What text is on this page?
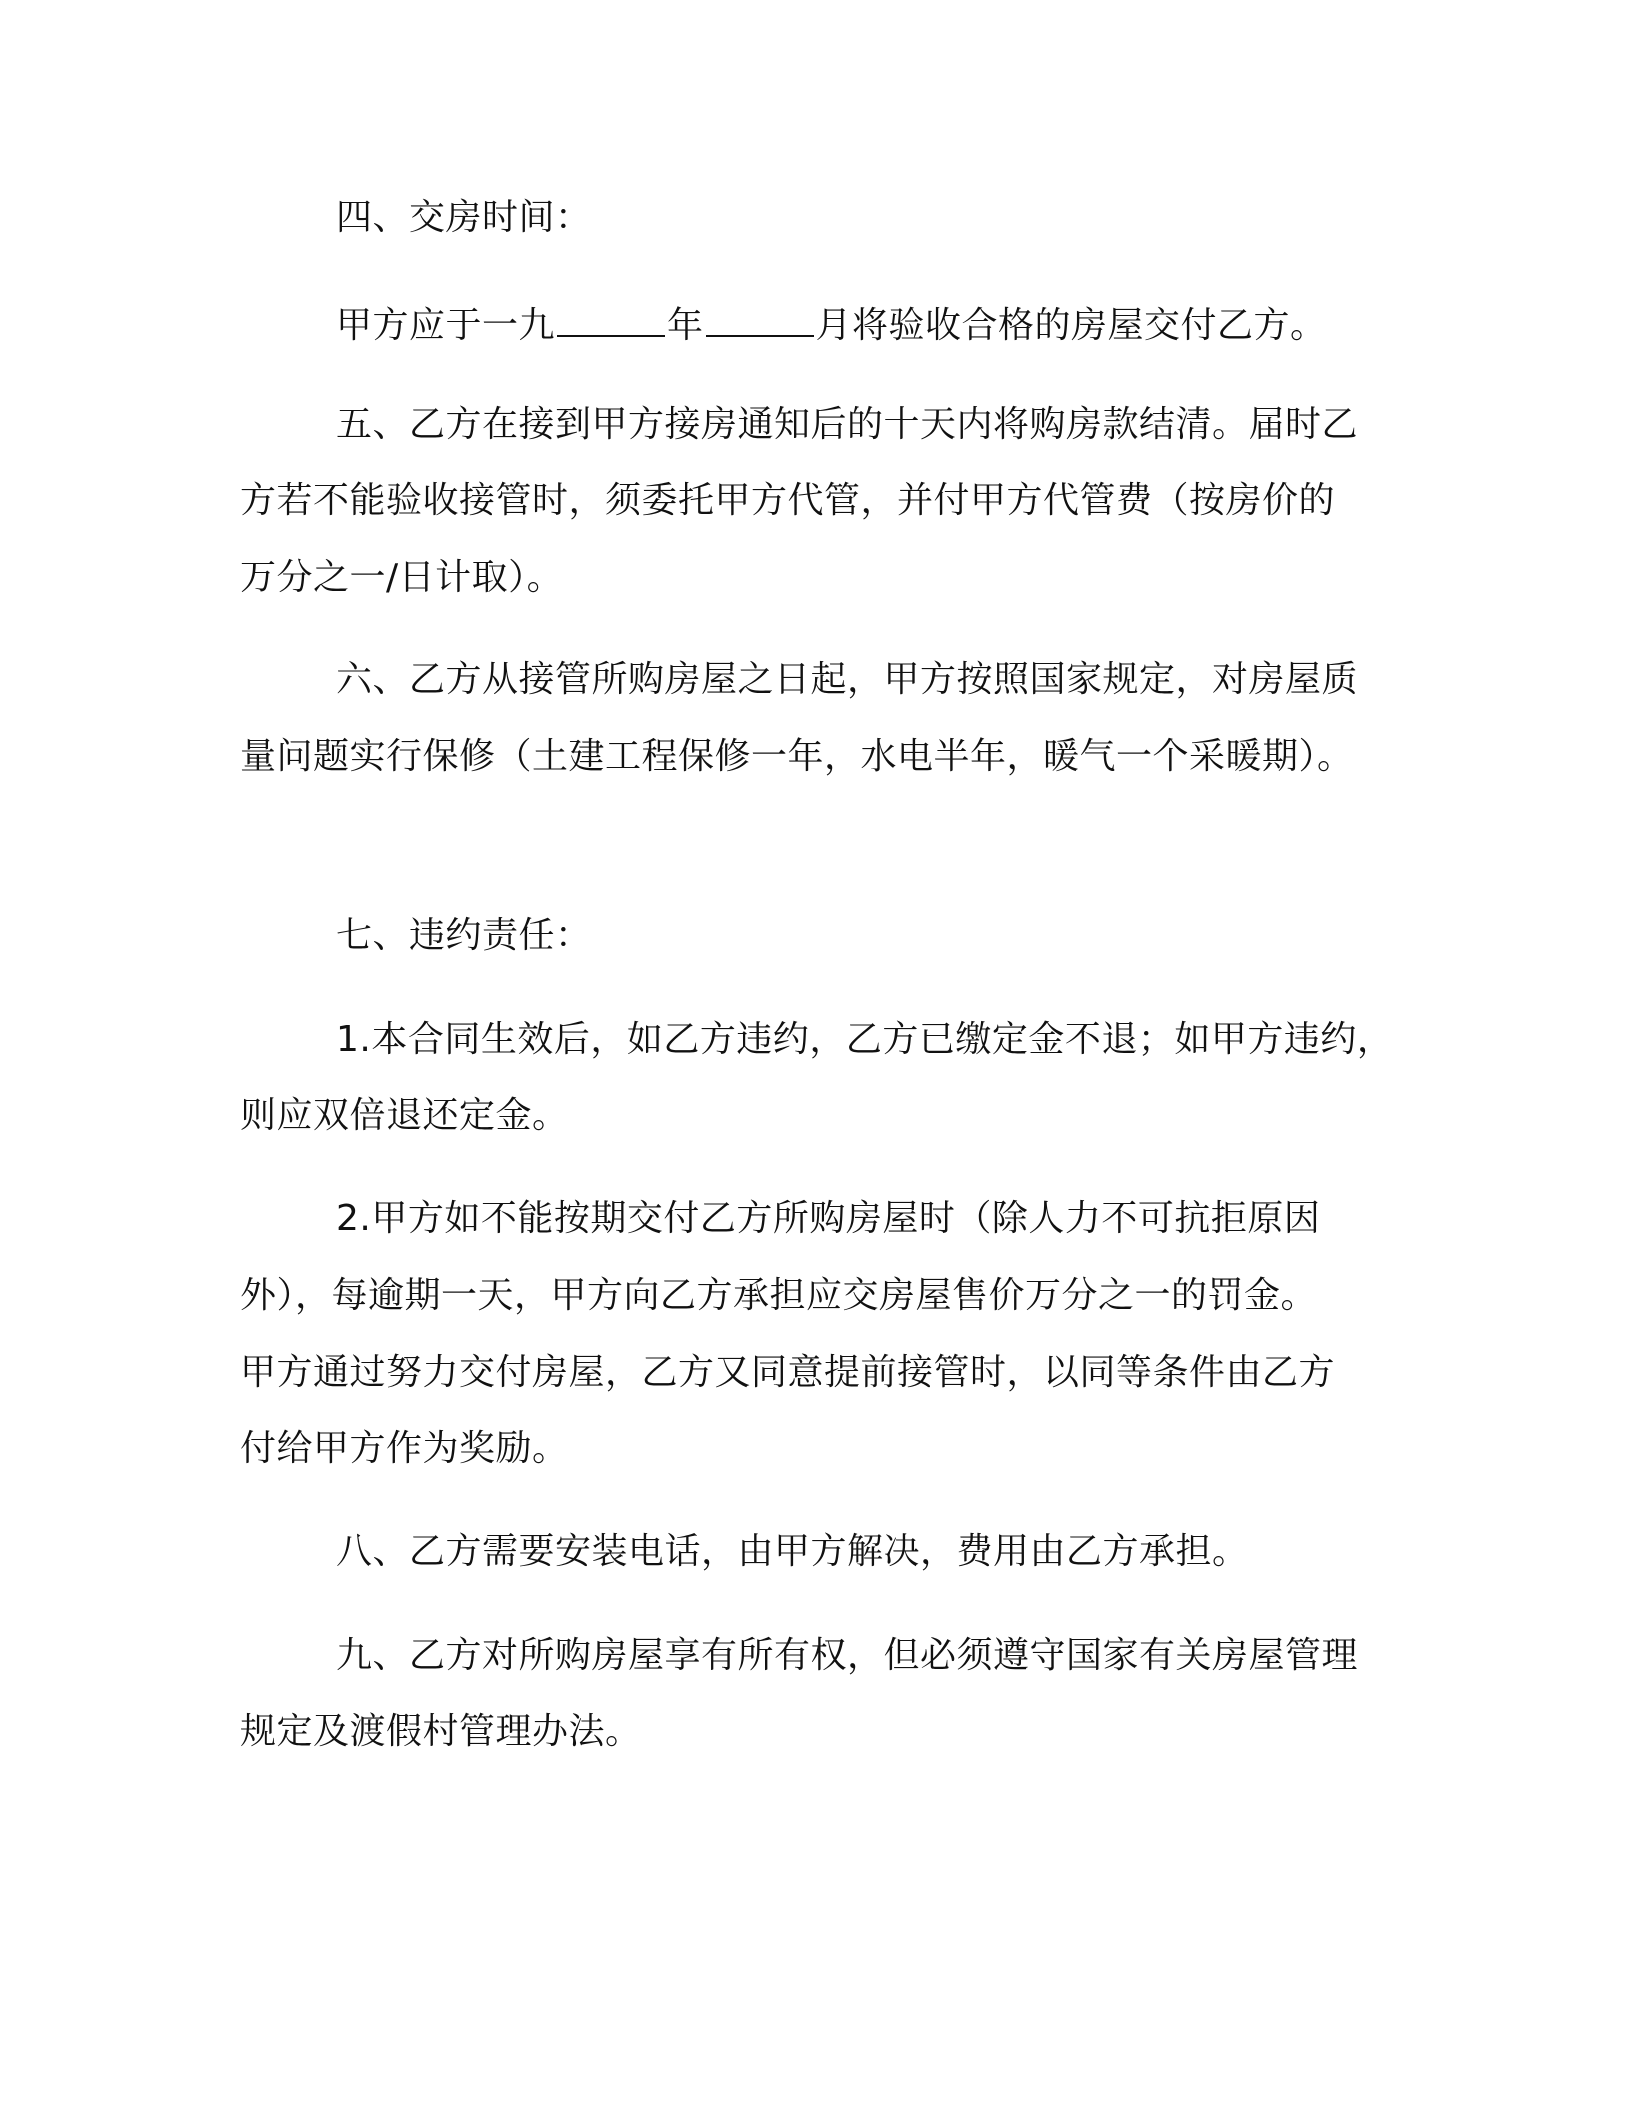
四、交房时间：
甲方应于一九	年	月将验收合格的房屋交付乙方。
五、乙方在接到甲方接房通知后的十天内将购房款结清。届时乙
方若不能验收接管时，须委托甲方代管，并付甲方代管费（按房价的
万分之一/日计取）。
六、乙方从接管所购房屋之日起，甲方按照国家规定，对房屋质
量问题实行保修（土建工程保修一年，水电半年，暖气一个采暖期）。
七、违约责任：
1.本合同生效后，如乙方违约，乙方已缴定金不退；如甲方违约，
则应双倍退还定金。
2.甲方如不能按期交付乙方所购房屋时（除人力不可抗拒原因
外），每逾期一天，甲方向乙方承担应交房屋售价万分之一的罚金。
甲方通过努力交付房屋，乙方又同意提前接管时，以同等条件由乙方
付给甲方作为奖励。
八、乙方需要安装电话，由甲方解决，费用由乙方承担。
九、乙方对所购房屋享有所有权，但必须遵守国家有关房屋管理
规定及渡假村管理办法。
